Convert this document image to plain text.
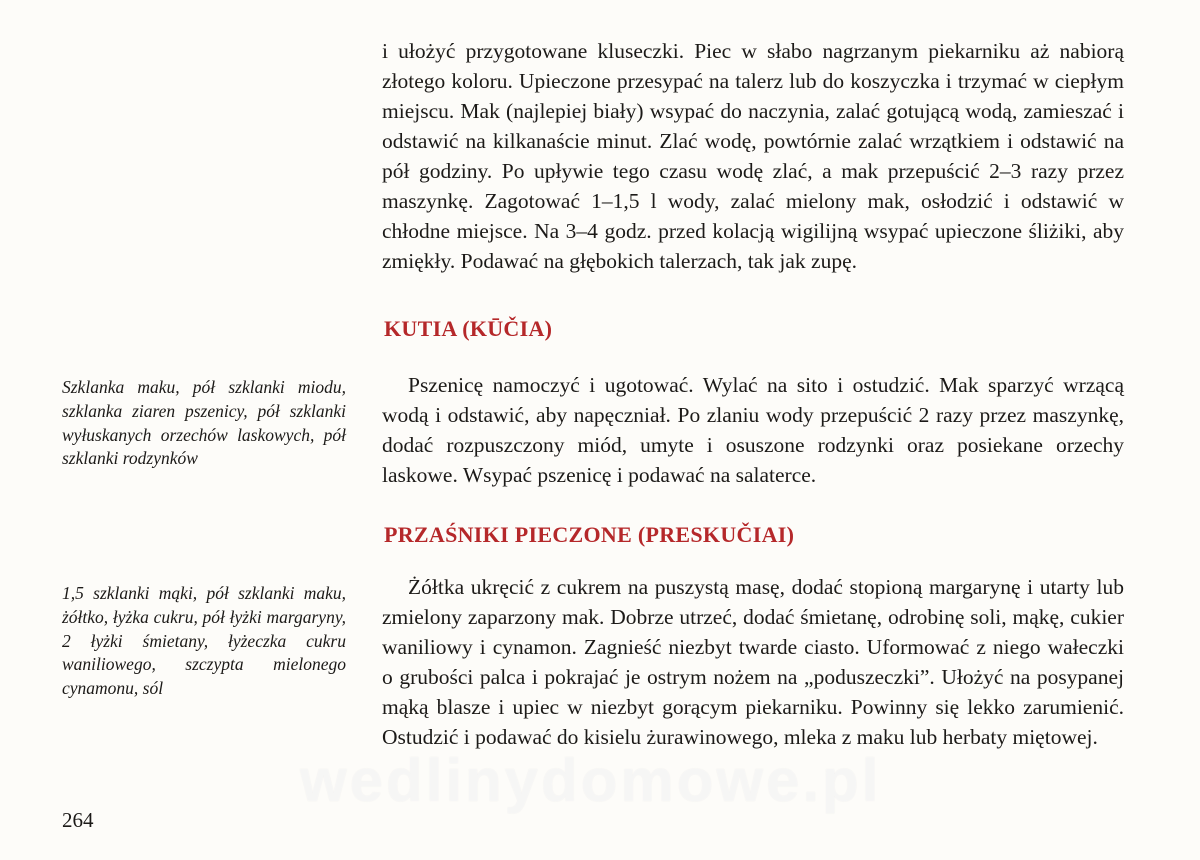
i ułożyć przygotowane kluseczki. Piec w słabo nagrzanym piekarniku aż nabiorą złotego koloru. Upieczone przesypać na talerz lub do koszyczka i trzymać w ciepłym miejscu. Mak (najlepiej biały) wsypać do naczynia, zalać gotującą wodą, zamieszać i odstawić na kilkanaście minut. Zlać wodę, powtórnie zalać wrzątkiem i odstawić na pół godziny. Po upływie tego czasu wodę zlać, a mak przepuścić 2–3 razy przez maszynkę. Zagotować 1–1,5 l wody, zalać mielony mak, osłodzić i odstawić w chłodne miejsce. Na 3–4 godz. przed kolacją wigilijną wsypać upieczone śliżiki, aby zmiękły. Podawać na głębokich talerzach, tak jak zupę.

KUTIA (KŪČIA)
Szklanka maku, pół szklanki miodu, szklanka ziaren pszenicy, pół szklanki wyłuskanych orzechów laskowych, pół szklanki rodzynków

Pszenicę namoczyć i ugotować. Wylać na sito i ostudzić. Mak sparzyć wrzącą wodą i odstawić, aby napęczniał. Po zlaniu wody przepuścić 2 razy przez maszynkę, dodać rozpuszczony miód, umyte i osuszone rodzynki oraz posiekane orzechy laskowe. Wsypać pszenicę i podawać na salaterce.

PRZAŚNIKI PIECZONE (PRESKUČIAI)
1,5 szklanki mąki, pół szklanki maku, żółtko, łyżka cukru, pół łyżki margaryny, 2 łyżki śmietany, łyżeczka cukru waniliowego, szczypta mielonego cynamonu, sól

Żółtka ukręcić z cukrem na puszystą masę, dodać stopioną margarynę i utarty lub zmielony zaparzony mak. Dobrze utrzeć, dodać śmietanę, odrobinę soli, mąkę, cukier waniliowy i cynamon. Zagnieść niezbyt twarde ciasto. Uformować z niego wałeczki o grubości palca i pokrajać je ostrym nożem na „poduszeczki”. Ułożyć na posypanej mąką blasze i upiec w niezbyt gorącym piekarniku. Powinny się lekko zarumienić. Ostudzić i podawać do kisielu żurawinowego, mleka z maku lub herbaty miętowej.

wedlinydomowe.pl
264
